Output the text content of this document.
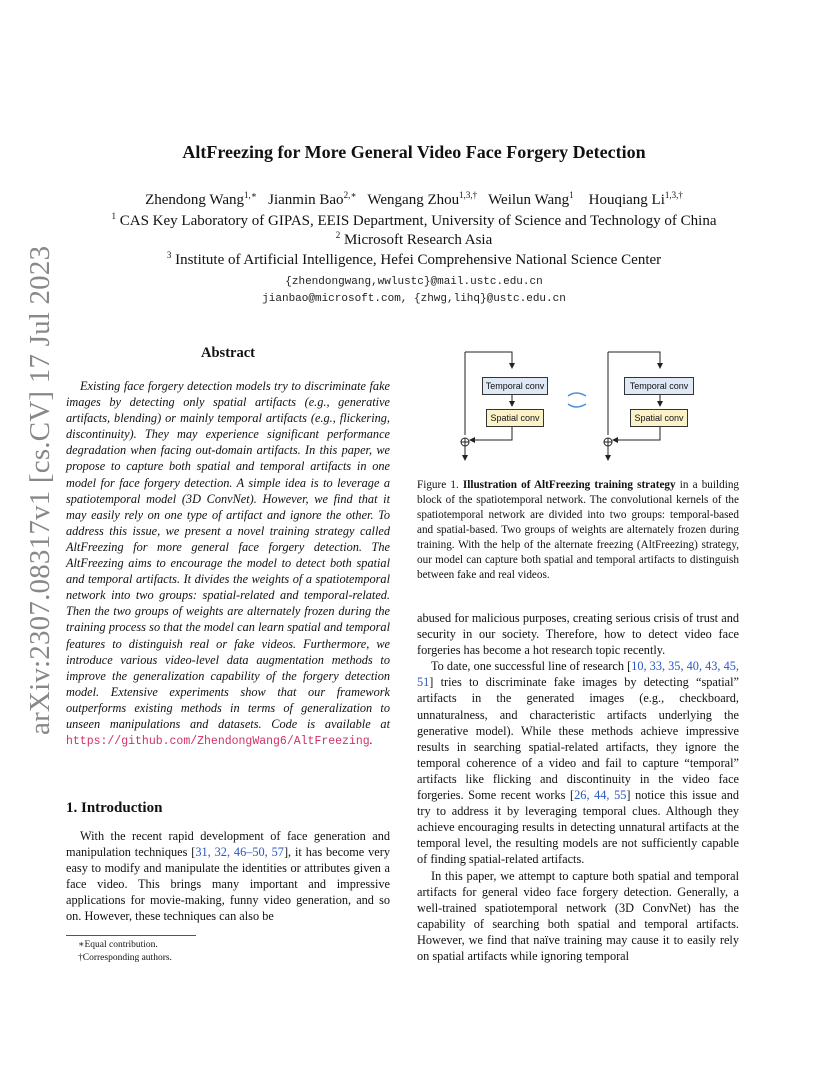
AltFreezing for More General Video Face Forgery Detection
Zhendong Wang$^{1,∗}$ Jianmin Bao$^{2,∗}$ Wengang Zhou$^{1,3,\dagger}$ Weilun Wang$^1$ Houqiang $Li^{1,3,\dagger}$
$^1$ CAS Key Laboratory of GIPAS, EEIS Department, University of Science and Technology of China
$^2$ Microsoft Research Asia
$^3$ Institute of Artificial Intelligence, Hefei Comprehensive National Science Center
{zhendongwang,wwlustc}@mail.ustc.edu.cn
jianbao@microsoft.com, {zhwg,lihq}@ustc.edu.cn
arXiv:2307.08317v1 [cs.CV] 17 Jul 2023	Abstract
Existing face forgery detection models try to discriminate fake images by detecting only spatial artifacts (e.g., generative artifacts, blending) or mainly temporal artifacts (e.g., flickering, discontinuity). They may experience significant performance degradation when facing out-domain artifacts. In this paper, we propose to capture both spatial and temporal artifacts in one model for face forgery detection. A simple idea is to leverage a spatiotemporal model (3D ConvNet). However, we find that it may easily rely on one type of artifact and ignore the other. To address this issue, we present a novel training strategy called AltFreezing for more general face forgery detection. The AltFreezing aims to encourage the model to detect both spatial and temporal artifacts. It divides the weights of a spatiotemporal network into two groups: spatial-related and temporal-related. Then the two groups of weights are alternately frozen during the training process so that the model can learn spatial and temporal features to distinguish real or fake videos. Furthermore, we introduce various video-level data augmentation methods to improve the generalization capability of the forgery detection model. Extensive experiments show that our framework outperforms existing methods in terms of generalization to unseen manipulations and datasets. Code is available at https://github.com/ZhendongWang6/AltFreezing.
1. Introduction

With the recent rapid development of face generation and manipulation techniques [31, 32, 46–50, 57], it has become very easy to modify and manipulate the identities or attributes given a face video. This brings many important and impressive applications for movie-making, funny video generation, and so on. However, these techniques can also be

∗Equal contribution.
†Corresponding authors.
Temporal conv
Spatial conv
Temporal conv
Spatial conv
Figure 1. Illustration of AltFreezing training strategy in a building block of the spatiotemporal network. The convolutional kernels of the spatiotemporal network are divided into two groups: temporal-based and spatial-based. Two groups of weights are alternately frozen during training. With the help of the alternate freezing (AltFreezing) strategy, our model can capture both spatial and temporal artifacts to distinguish between fake and real videos.

abused for malicious purposes, creating serious crisis of trust and security in our society. Therefore, how to detect video face forgeries has become a hot research topic recently.

To date, one successful line of research [10, 33, 35, 40, 43, 45, 51] tries to discriminate fake images by detecting “spatial” artifacts in the generated images (e.g., checkboard, unnaturalness, and characteristic artifacts underlying the generative model). While these methods achieve impressive results in searching spatial-related artifacts, they ignore the temporal coherence of a video and fail to capture “temporal” artifacts like flicking and discontinuity in the video face forgeries. Some recent works [26, 44, 55] notice this issue and try to address it by leveraging temporal clues. Although they achieve encouraging results in detecting unnatural artifacts at the temporal level, the resulting models are not sufficiently capable of finding spatial-related artifacts.

In this paper, we attempt to capture both spatial and temporal artifacts for general video face forgery detection. Generally, a well-trained spatiotemporal network (3D ConvNet) has the capability of searching both spatial and temporal artifacts. However, we find that naïve training may cause it to easily rely on spatial artifacts while ignoring temporal
